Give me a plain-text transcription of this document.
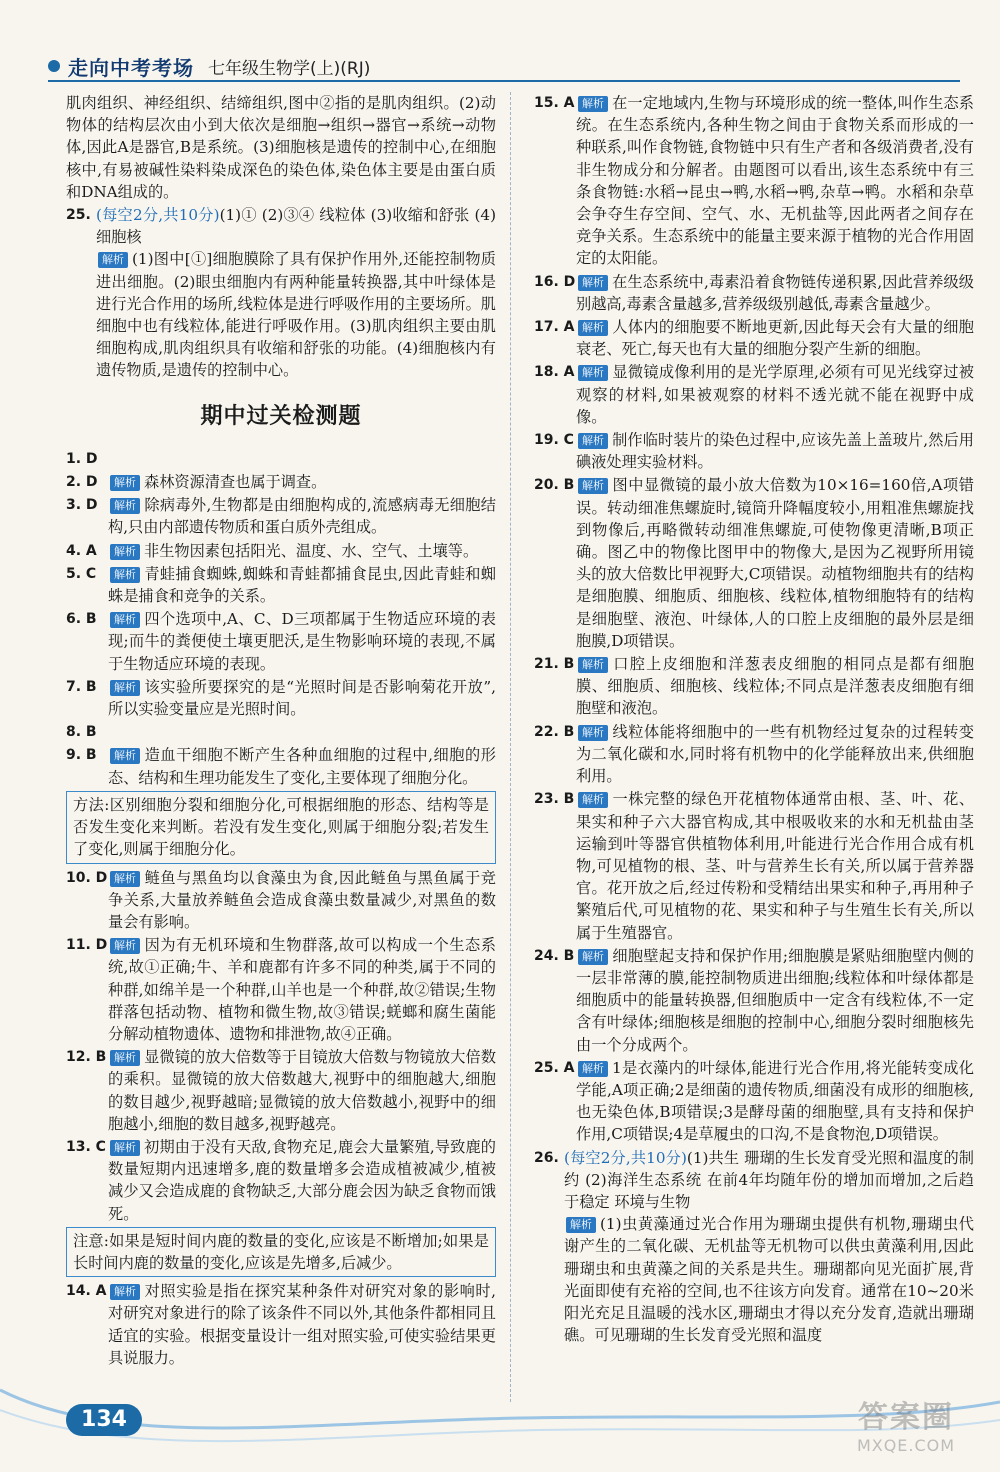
走向中考考场 七年级生物学(上)(RJ)

肌肉组织、神经组织、结缔组织,图中②指的是肌肉组织。(2)动物体的结构层次由小到大依次是细胞→组织→器官→系统→动物体,因此A是器官,B是系统。(3)细胞核是遗传的控制中心,在细胞核中,有易被碱性染料染成深色的染色体,染色体主要是由蛋白质和DNA组成的。

25. (每空2分,共10分)(1)① (2)③④ 线粒体 (3)收缩和舒张 (4)细胞核
解析 (1)图中[①]细胞膜除了具有保护作用外,还能控制物质进出细胞。(2)眼虫细胞内有两种能量转换器,其中叶绿体是进行光合作用的场所,线粒体是进行呼吸作用的主要场所。肌细胞中也有线粒体,能进行呼吸作用。(3)肌肉组织主要由肌细胞构成,肌肉组织具有收缩和舒张的功能。(4)细胞核内有遗传物质,是遗传的控制中心。
期中过关检测题
1. D
2. D	解析 森林资源清查也属于调查。
3. D	解析 除病毒外,生物都是由细胞构成的,流感病毒无细胞结构,只由内部遗传物质和蛋白质外壳组成。
4. A	解析 非生物因素包括阳光、温度、水、空气、土壤等。
5. C	解析 青蛙捕食蜘蛛,蜘蛛和青蛙都捕食昆虫,因此青蛙和蜘蛛是捕食和竞争的关系。
6. B	解析 四个选项中,A、C、D三项都属于生物适应环境的表现;而牛的粪便使土壤更肥沃,是生物影响环境的表现,不属于生物适应环境的表现。
7. B	解析 该实验所要探究的是“光照时间是否影响菊花开放”,所以实验变量应是光照时间。
8. B
9. B	解析 造血干细胞不断产生各种血细胞的过程中,细胞的形态、结构和生理功能发生了变化,主要体现了细胞分化。
方法:区别细胞分裂和细胞分化,可根据细胞的形态、结构等是否发生变化来判断。若没有发生变化,则属于细胞分裂;若发生了变化,则属于细胞分化。
10. D 解析 鲢鱼与黑鱼均以食藻虫为食,因此鲢鱼与黑鱼属于竞争关系,大量放养鲢鱼会造成食藻虫数量减少,对黑鱼的数量会有影响。
11. D 解析 因为有无机环境和生物群落,故可以构成一个生态系统,故①正确;牛、羊和鹿都有许多不同的种类,属于不同的种群,如绵羊是一个种群,山羊也是一个种群,故②错误;生物群落包括动物、植物和微生物,故③错误;蜣螂和腐生菌能分解动植物遗体、遗物和排泄物,故④正确。
12. B 解析 显微镜的放大倍数等于目镜放大倍数与物镜放大倍数的乘积。显微镜的放大倍数越大,视野中的细胞越大,细胞的数目越少,视野越暗;显微镜的放大倍数越小,视野中的细胞越小,细胞的数目越多,视野越亮。
13. C 解析 初期由于没有天敌,食物充足,鹿会大量繁殖,导致鹿的数量短期内迅速增多,鹿的数量增多会造成植被减少,植被减少又会造成鹿的食物缺乏,大部分鹿会因为缺乏食物而饿死。
注意:如果是短时间内鹿的数量的变化,应该是不断增加;如果是长时间内鹿的数量的变化,应该是先增多,后减少。
14. A 解析 对照实验是指在探究某种条件对研究对象的影响时,对研究对象进行的除了该条件不同以外,其他条件都相同且适宜的实验。根据变量设计一组对照实验,可使实验结果更具说服力。
15. A 解析 在一定地域内,生物与环境形成的统一整体,叫作生态系统。在生态系统内,各种生物之间由于食物关系而形成的一种联系,叫作食物链,食物链中只有生产者和各级消费者,没有非生物成分和分解者。由题图可以看出,该生态系统中有三条食物链:水稻→昆虫→鸭,水稻→鸭,杂草→鸭。水稻和杂草会争夺生存空间、空气、水、无机盐等,因此两者之间存在竞争关系。生态系统中的能量主要来源于植物的光合作用固定的太阳能。
16. D 解析 在生态系统中,毒素沿着食物链传递积累,因此营养级级别越高,毒素含量越多,营养级级别越低,毒素含量越少。
17. A 解析 人体内的细胞要不断地更新,因此每天会有大量的细胞衰老、死亡,每天也有大量的细胞分裂产生新的细胞。
18. A 解析 显微镜成像利用的是光学原理,必须有可见光线穿过被观察的材料,如果被观察的材料不透光就不能在视野中成像。
19. C 解析 制作临时装片的染色过程中,应该先盖上盖玻片,然后用碘液处理实验材料。
20. B 解析 图中显微镜的最小放大倍数为10×16=160倍,A项错误。转动细准焦螺旋时,镜筒升降幅度较小,用粗准焦螺旋找到物像后,再略微转动细准焦螺旋,可使物像更清晰,B项正确。图乙中的物像比图甲中的物像大,是因为乙视野所用镜头的放大倍数比甲视野大,C项错误。动植物细胞共有的结构是细胞膜、细胞质、细胞核、线粒体,植物细胞特有的结构是细胞壁、液泡、叶绿体,人的口腔上皮细胞的最外层是细胞膜,D项错误。
21. B 解析 口腔上皮细胞和洋葱表皮细胞的相同点是都有细胞膜、细胞质、细胞核、线粒体;不同点是洋葱表皮细胞有细胞壁和液泡。
22. B 解析 线粒体能将细胞中的一些有机物经过复杂的过程转变为二氧化碳和水,同时将有机物中的化学能释放出来,供细胞利用。
23. B 解析 一株完整的绿色开花植物体通常由根、茎、叶、花、果实和种子六大器官构成,其中根吸收来的水和无机盐由茎运输到叶等器官供植物体利用,叶能进行光合作用合成有机物,可见植物的根、茎、叶与营养生长有关,所以属于营养器官。花开放之后,经过传粉和受精结出果实和种子,再用种子繁殖后代,可见植物的花、果实和种子与生殖生长有关,所以属于生殖器官。
24. B 解析 细胞壁起支持和保护作用;细胞膜是紧贴细胞壁内侧的一层非常薄的膜,能控制物质进出细胞;线粒体和叶绿体都是细胞质中的能量转换器,但细胞质中一定含有线粒体,不一定含有叶绿体;细胞核是细胞的控制中心,细胞分裂时细胞核先由一个分成两个。
25. A 解析 1是衣藻内的叶绿体,能进行光合作用,将光能转变成化学能,A项正确;2是细菌的遗传物质,细菌没有成形的细胞核,也无染色体,B项错误;3是酵母菌的细胞壁,具有支持和保护作用,C项错误;4是草履虫的口沟,不是食物泡,D项错误。
26. (每空2分,共10分)(1)共生 珊瑚的生长发育受光照和温度的制约 (2)海洋生态系统 在前4年均随年份的增加而增加,之后趋于稳定 环境与生物
解析 (1)虫黄藻通过光合作用为珊瑚虫提供有机物,珊瑚虫代谢产生的二氧化碳、无机盐等无机物可以供虫黄藻利用,因此珊瑚虫和虫黄藻之间的关系是共生。珊瑚都向见光面扩展,背光面即使有充裕的空间,也不往该方向发育。通常在10~20米阳光充足且温暖的浅水区,珊瑚虫才得以充分发育,造就出珊瑚礁。可见珊瑚的生长发育受光照和温度
134	答案圈
MXQE.COM
